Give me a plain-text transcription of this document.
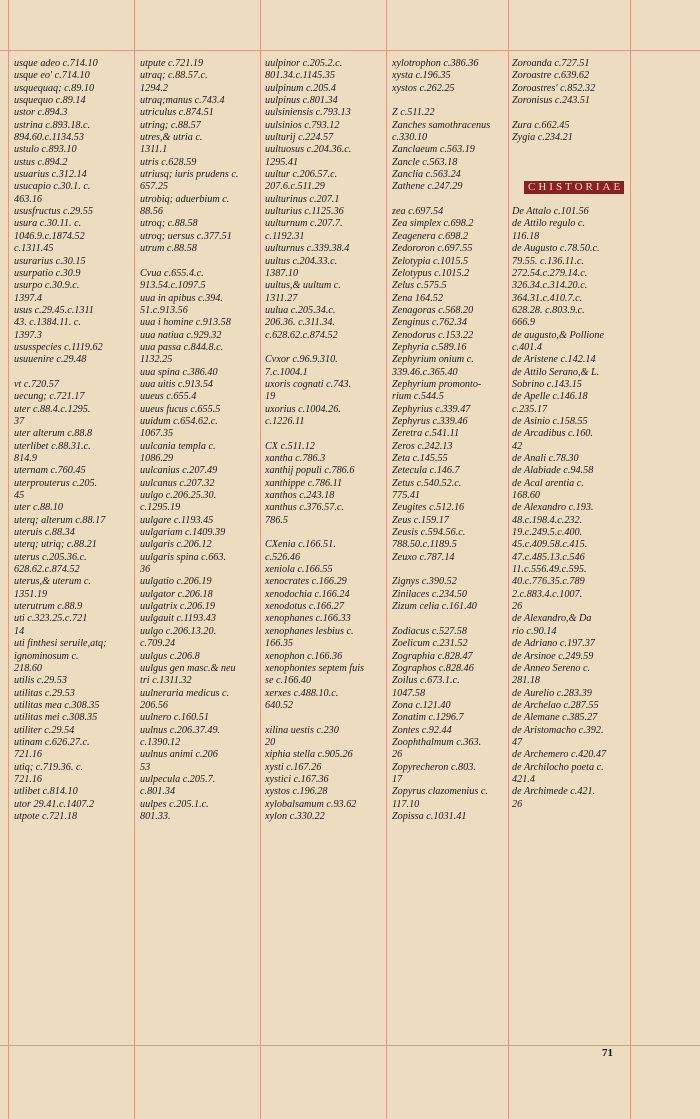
usque adeo c.714.10
usque eo' c.714.10
usquequaq; c.89.10
usquequo c.89.14
ustor c.894.3
ustrina c.893.18.c.
894.60.c.1134.53
ustulo c.893.10
ustus c.894.2
usuarius c.312.14
usucapio c.30.1. c.
463.16
ususfructus c.29.55
usura c.30.11. c.
1046.9.c.1874.52
c.1311.45
usurarius c.30.15
usurpatio c.30.9
usurpo c.30.9.c.
1397.4
usus c.29.45.c.1311
43. c.1384.11. c.
1397.3
ususspecies c.1119.62
usuuenire c.29.48
vt c.720.57
uecung; c.721.17
uter c.88.4.c.1295.
37
uter alterum c.88.8
uterlibet c.88.31.c.
814.9
uternam c.760.45
uterprouterus c.205.
45
uter c.88.10
uterq; alterum c.88.17
uteruis c.88.34
uterq; utriq; c.88.21
uterus c.205.36.c.
628.62.c.874.52
uterus,& uterum c.
1351.19
uterutrum c.88.9
uti c.323.25.c.721
14
uti finthesi seruile,atq;
ignominosum c.
218.60
utilis c.29.53
utilitas c.29.53
utilitas mea c.308.35
utilitas mei c.308.35
utiliter c.29.54
utinam c.626.27.c.
721.16
utiq; c.719.36. c.
721.16
utlibet c.814.10
utor 29.41.c.1407.2
utpote c.721.18
utpute c.721.19
utraq; c.88.57.c.
1294.2
utraq;manus c.743.4
utriculus c.874.51
utring; c.88.57
utres,& utria c.
1311.1
utris c.628.59
utriusq; iuris prudens c.
657.25
utrobiq; aduerbium c.
88.56
utroq; c.88.58
utroq; uersus c.377.51
utrum c.88.58
Cvua c.655.4.c.
913.54.c.1097.5
uua in apibus c.394.
51.c.913.56
uua i homine c.913.58
uua natiua c.929.32
uua passa c.844.8.c.
1132.25
uua spina c.386.40
uua uitis c.913.54
uueus c.655.4
uueus fucus c.655.5
uuidum c.654.62.c.
1067.35
uulcania templa c.
1086.29
uulcanius c.207.49
uulcanus c.207.32
uulgo c.206.25.30.
c.1295.19
uulgare c.1193.45
uulgariam c.1409.39
uulgaris c.206.12
uulgaris spina c.663.
36
uulgatio c.206.19
uulgator c.206.18
uulgatrix c.206.19
uulgauit c.1193.43
uulgo c.206.13.20.
c.709.24
uulgus c.206.8
uulgus gen masc.& neu
tri c.1311.32
uulneraria medicus c.
206.56
uulnero c.160.51
uulnus c.206.37.49.
c.1390.12
uulnus animi c.206
53
uulpecula c.205.7.
c.801.34
uulpes c.205.1.c.
801.33.
uulpinor c.205.2.c.
801.34.c.1145.35
uulpinum c.205.4
uulpinus c.801.34
uulsiniensis c.793.13
uulsinios c.793.12
uulturij c.224.57
uultuosus c.204.36.c.
1295.41
uultur c.206.57.c.
207.6.c.511.29
uulturinus c.207.1
uulturius c.1125.36
uulturnum c.207.7.
c.1192.31
uulturnus c.339.38.4
uultus c.204.33.c.
1387.10
uultus,& uultum c.
1311.27
uulua c.205.34.c.
206.36. c.311.34.
c.628.62.c.874.52
Cvxor c.96.9.310.
7.c.1004.1
uxoris cognati c.743.
19
uxorius c.1004.26.
c.1226.11
CX c.511.12
xantha c.786.3
xanthij populi c.786.6
xanthippe c.786.11
xanthos c.243.18
xanthus c.376.57.c.
786.5
CXenia c.166.51.
c.526.46
xeniola c.166.55
xenocrates c.166.29
xenodochia c.166.24
xenodotus c.166.27
xenophanes c.166.33
xenophanes lesbius c.
166.35
xenophon c.166.36
xenophontes septem fuis
se c.166.40
xerxes c.488.10.c.
640.52
xilina uestis c.230
20
xiphia stella c.905.26
xysti c.167.26
xystici c.167.36
xystos c.196.28
xylobalsamum c.93.62
xylon c.330.22
xylotrophon c.386.36
xysta c.196.35
xystos c.262.25
Z c.511.22
Zanches samothracenus
c.330.10
Zanclaeum c.563.19
Zancle c.563.18
Zanclia c.563.24
Zathene c.247.29
zea c.697.54
Zea simplex c.698.2
Zeagenera c.698.2
Zedororon c.697.55
Zelotypia c.1015.5
Zelotypus c.1015.2
Zelus c.575.5
Zena 164.52
Zenagoras c.568.20
Zenginus c.762.34
Zenodorus c.153.22
Zephyria c.589.16
Zephyrium onium c.
339.46.c.365.40
Zephyrium promonto-
rium c.544.5
Zephyrius c.339.47
Zephyrus c.339.46
Zeretra c.541.11
Zeros c.242.13
Zeta c.145.55
Zetecula c.146.7
Zetus c.540.52.c.
775.41
Zeugites c.512.16
Zeus c.159.17
Zeusis c.594.56.c.
788.50.c.1189.5
Zeuxo c.787.14
Zignys c.390.52
Zinilaces c.234.50
Zizum celia c.161.40
Zodiacus c.527.58
Zoelicum c.231.52
Zographia c.828.47
Zographos c.828.46
Zoilus c.673.1.c.
1047.58
Zona c.121.40
Zonatim c.1296.7
Zontes c.92.44
Zoophthalmum c.363.
26
Zopyrecheron c.803.
17
Zopyrus clazomenius c.
117.10
Zopissa c.1031.41
Zoroanda c.727.51
Zoroastre c.639.62
Zoroastres' c.852.32
Zoronisus c.243.51
Zura c.662.45
Zygia c.234.21
CHISTORIAE
De Attalo c.101.56
de Attilo regulo c.
116.18
de Augusto c.78.50.c.
79.55. c.136.11.c.
272.54.c.279.14.c.
326.34.c.314.20.c.
364.31.c.410.7.c.
628.28. c.803.9.c.
666.9
de augusto,& Pollione
c.401.4
de Aristene c.142.14
de Attilo Serano,& L.
Sobrino c.143.15
de Apelle c.146.18
c.235.17
de Asinio c.158.55
de Arcadibus c.160.
42
de Anali c.78.30
de Alabiade c.94.58
de Acal arentia c.
168.60
de Alexandro c.193.
48.c.198.4.c.232.
19.c.249.5.c.400.
45.c.409.58.c.415.
47.c.485.13.c.546
11.c.556.49.c.595.
40.c.776.35.c.789
2.c.883.4.c.1007.
26
de Alexandro,& Da
rio c.90.14
de Adriano c.197.37
de Arsinoe c.249.59
de Anneo Sereno c.
281.18
de Aurelio c.283.39
de Archelao c.287.55
de Alemane c.385.27
de Aristomacho c.392.
47
de Archemero c.420.47
de Archilocho poeta c.
421.4
de Archimede c.421.
26
71
